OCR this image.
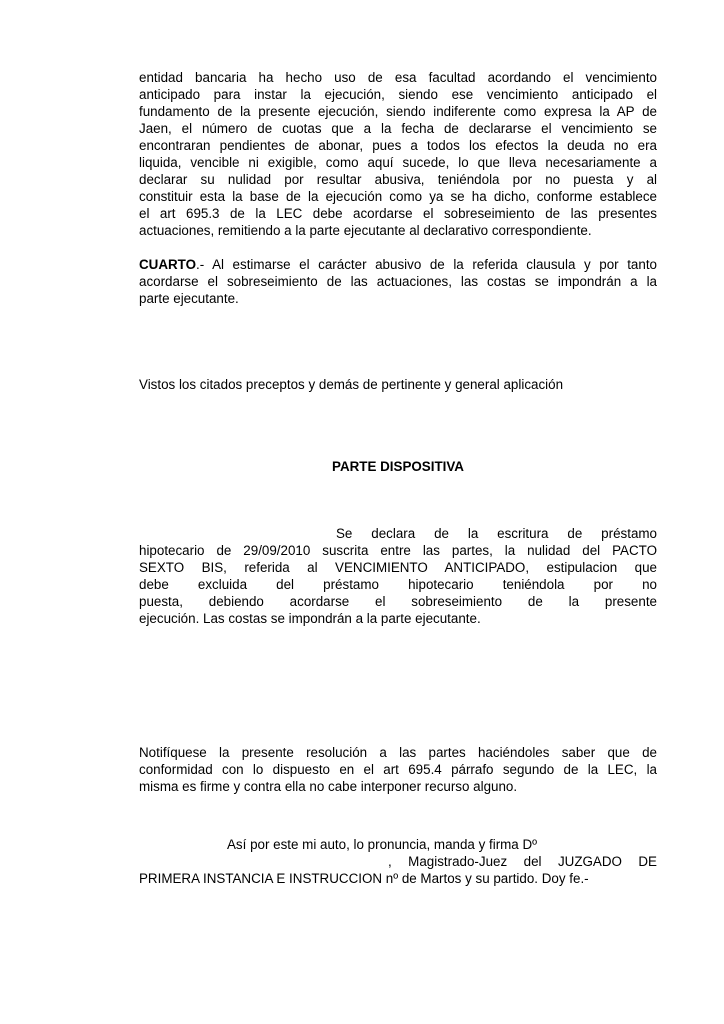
entidad bancaria ha hecho uso de esa facultad acordando el vencimiento
anticipado para instar la ejecución, siendo ese vencimiento anticipado el
fundamento de la presente ejecución, siendo indiferente como expresa la AP de
Jaen, el número de cuotas que a la fecha de declararse el vencimiento se
encontraran pendientes de abonar, pues a todos los efectos la deuda no era
liquida, vencible ni exigible, como aquí sucede, lo que lleva necesariamente a
declarar su nulidad por resultar abusiva, teniéndola por no puesta y al
constituir esta la base de la ejecución como ya se ha dicho, conforme establece
el art 695.3 de la LEC debe acordarse el sobreseimiento de las presentes
actuaciones, remitiendo a la parte ejecutante al declarativo correspondiente.
CUARTO.- Al estimarse el carácter abusivo de la referida clausula y por tanto
acordarse el sobreseimiento de las actuaciones, las costas se impondrán a la
parte ejecutante.
Vistos los citados preceptos y demás de pertinente y general aplicación
PARTE DISPOSITIVA
Se declara de la escritura de préstamo
hipotecario de 29/09/2010 suscrita entre las partes, la nulidad del PACTO
SEXTO BIS, referida al VENCIMIENTO ANTICIPADO, estipulacion que
debe excluida del préstamo hipotecario teniéndola por no
puesta, debiendo acordarse el sobreseimiento de la presente
ejecución. Las costas se impondrán a la parte ejecutante.
Notifíquese la presente resolución a las partes haciéndoles saber que de
conformidad con lo dispuesto en el art 695.4 párrafo segundo de la LEC, la
misma es firme y contra ella no cabe interponer recurso alguno.
Así por este mi auto, lo pronuncia, manda y firma Dº
, Magistrado-Juez del JUZGADO DE
PRIMERA INSTANCIA E INSTRUCCION nº de Martos y su partido. Doy fe.-
